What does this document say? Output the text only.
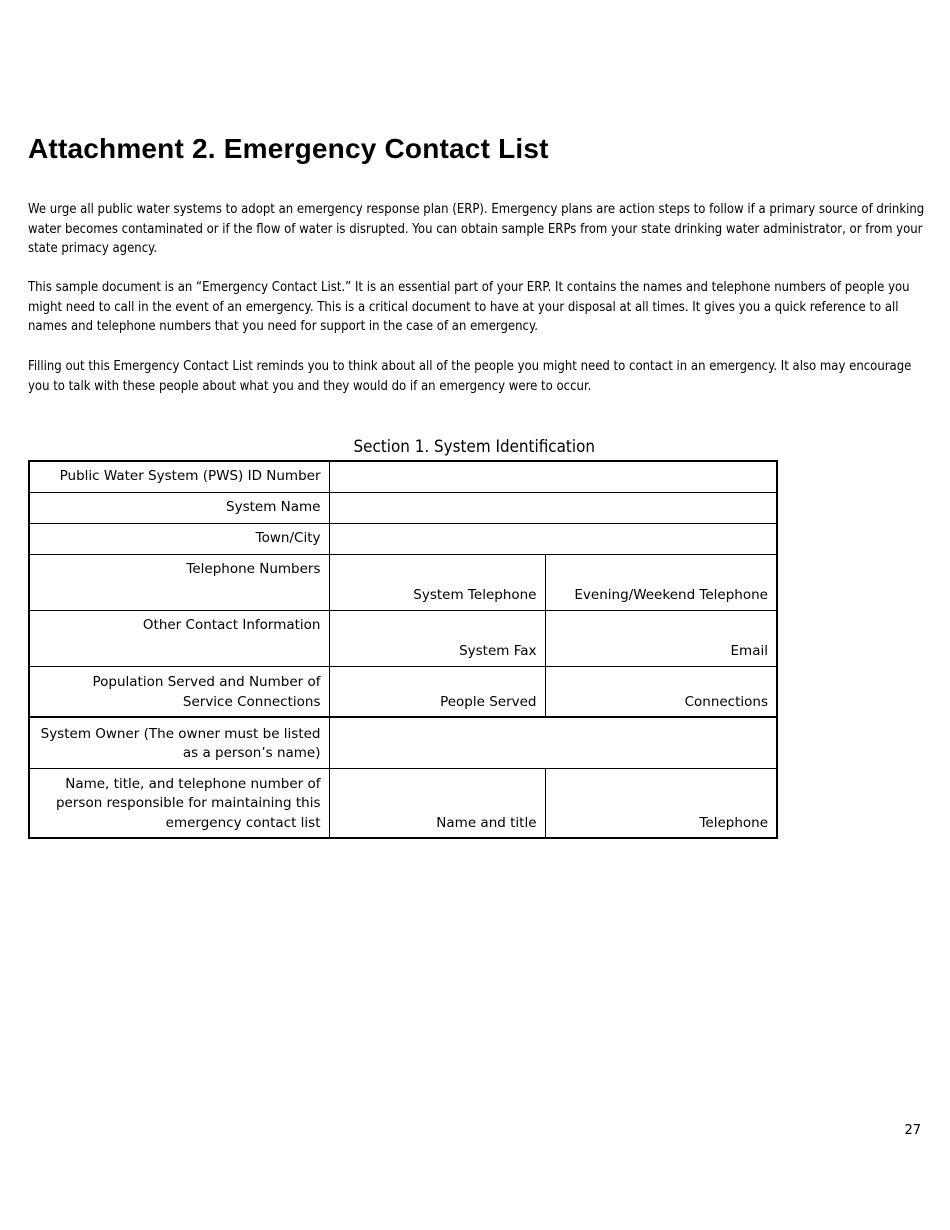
Attachment 2. Emergency Contact List

We urge all public water systems to adopt an emergency response plan (ERP). Emergency plans are action steps to follow if a primary source of drinking water becomes contaminated or if the flow of water is disrupted. You can obtain sample ERPs from your state drinking water administrator, or from your state primacy agency.

This sample document is an “Emergency Contact List.” It is an essential part of your ERP. It contains the names and telephone numbers of people you might need to call in the event of an emergency. This is a critical document to have at your disposal at all times. It gives you a quick reference to all names and telephone numbers that you need for support in the case of an emergency.

Filling out this Emergency Contact List reminds you to think about all of the people you might need to contact in an emergency. It also may encourage you to talk with these people about what you and they would do if an emergency were to occur.

Section 1. System Identification
Public Water System (PWS) ID Number		
System Name		
Town/City		
Telephone Numbers	System Telephone	Evening/Weekend Telephone
Other Contact Information	System Fax	Email
Population Served and Number of Service Connections	People Served	Connections
System Owner (The owner must be listed as a person’s name)		
Name, title, and telephone number of person responsible for maintaining this emergency contact list	Name and title	Telephone
27
